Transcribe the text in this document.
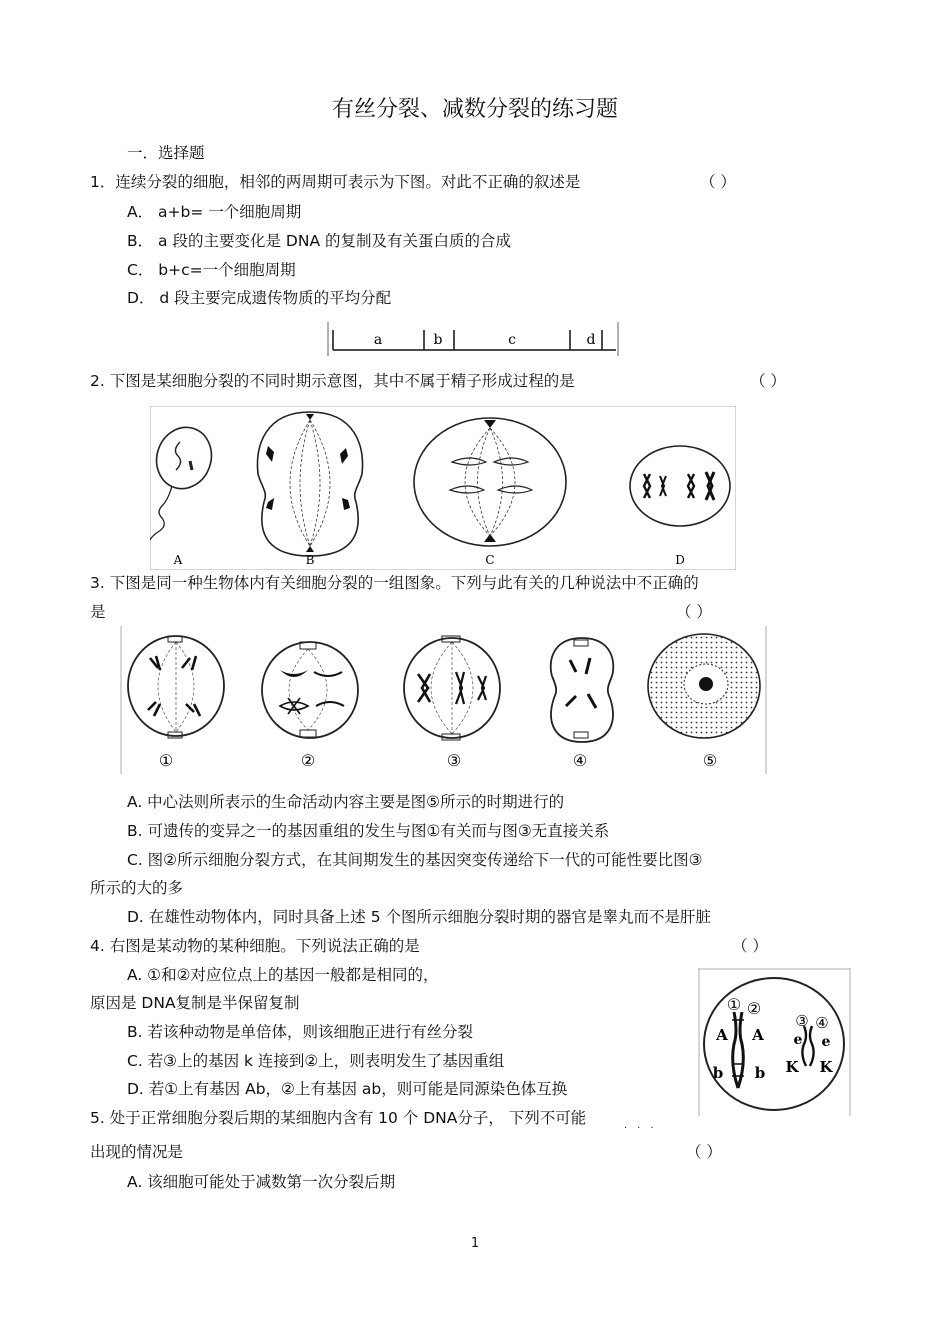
有丝分裂、减数分裂的练习题
一．选择题
1．连续分裂的细胞，相邻的两周期可表示为下图。对此不正确的叙述是	（ ）
A． a+b= 一个细胞周期
B． a 段的主要变化是 DNA 的复制及有关蛋白质的合成
C． b+c=一个细胞周期
D． d 段主要完成遗传物质的平均分配
a	b	c	d
2. 下图是某细胞分裂的不同时期示意图，其中不属于精子形成过程的是	（ ）
A	B	C	D
3. 下图是同一种生物体内有关细胞分裂的一组图象。下列与此有关的几种说法中不正确的
是	（ ）
①	②	③	④	⑤
A. 中心法则所表示的生命活动内容主要是图⑤所示的时期进行的
B. 可遗传的变异之一的基因重组的发生与图①有关而与图③无直接关系
C. 图②所示细胞分裂方式，在其间期发生的基因突变传递给下一代的可能性要比图③
所示的大的多
D. 在雄性动物体内，同时具备上述 5 个图所示细胞分裂时期的器官是睾丸而不是肝脏
4. 右图是某动物的某种细胞。下列说法正确的是	（ ）
A. ①和②对应位点上的基因一般都是相同的，
原因是 DNA复制是半保留复制
B. 若该种动物是单倍体，则该细胞正进行有丝分裂
C. 若③上的基因 k 连接到②上，则表明发生了基因重组
D. 若①上有基因 Ab，②上有基因 ab，则可能是同源染色体互换
① ②
③ ④
A A e e
b b K K
5. 处于正常细胞分裂后期的某细胞内含有 10 个 DNA分子， 下列不可能
···
出现的情况是	（ ）
A. 该细胞可能处于减数第一次分裂后期
1
